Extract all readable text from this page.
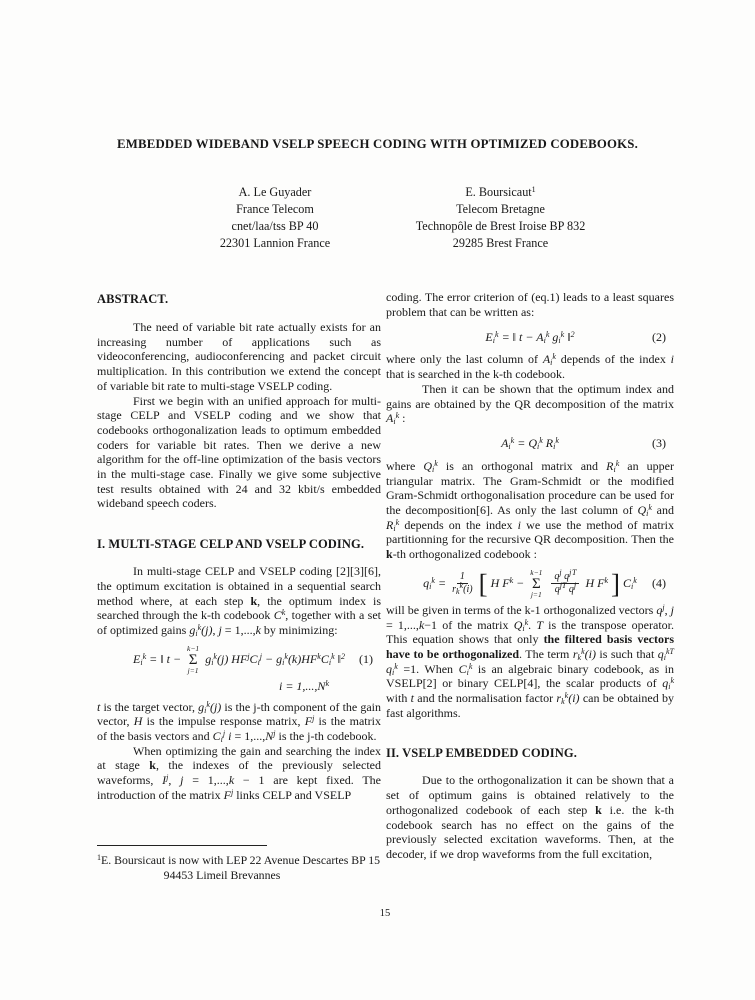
EMBEDDED WIDEBAND VSELP SPEECH CODING WITH OPTIMIZED CODEBOOKS.
A. Le Guyader
France Telecom
cnet/laa/tss BP 40
22301 Lannion France
E. Boursicaut$^1$
Telecom Bretagne
Technopôle de Brest Iroise BP 832
29285 Brest France
ABSTRACT.

The need of variable bit rate actually exists for an increasing number of applications such as videoconferencing, audioconferencing and packet circuit multiplication. In this contribution we extend the concept of variable bit rate to multi-stage VSELP coding.

First we begin with an unified approach for multi-stage CELP and VSELP coding and we show that codebooks orthogonalization leads to optimum embedded coders for variable bit rates. Then we derive a new algorithm for the off-line optimization of the basis vectors in the multi-stage case. Finally we give some subjective test results obtained with 24 and 32 kbit/s embedded wideband speech coders.

I. MULTI-STAGE CELP AND VSELP CODING.

In multi-stage CELP and VSELP coding [2][3][6], the optimum excitation is obtained in a sequential search method where, at each step k, the optimum index is searched through the k-th codebook $C^k$, together with a set of optimized gains $g_i^k(j)$, j = 1,...,k by minimizing:

$E_i^k$ = ‖ t −
k−1
Σ
j=1
$g_i^k(j) HF^jC_i^j - g_i^k(k)HF^kC_i^k$ ‖$^2$ (1)
$i = 1,...,N^k$

t is the target vector, $g_i^k(j)$ is the j-th component of the gain vector, H is the impulse response matrix, $F^j$ is the matrix of the basis vectors and $C_i^j$ $i = 1,...,N^j$ is the j-th codebook.

When optimizing the gain and searching the index at stage k, the indexes of the previously selected waveforms, $I^j$, j = 1,...,k − 1 are kept fixed. The introduction of the matrix $F^j$ links CELP and VSELP

coding. The error criterion of (eq.1) leads to a least squares problem that can be written as:

$E_i^k$ = ‖ $t - A_i^k$ $g_i^k$ ‖$^2$	(2)

where only the last column of $A_i^k$ depends of the index i that is searched in the k-th codebook.

Then it can be shown that the optimum index and gains are obtained by the QR decomposition of the matrix $A_i^k$ :

$A_i^k = Q_i^k$ $R_i^k$	(3)

where $Q_i^k$ is an orthogonal matrix and $R_i^k$ an upper triangular matrix. The Gram-Schmidt or the modified Gram-Schmidt orthogonalisation procedure can be used for the decomposition[6]. As only the last column of $Q_i^k$ and $R_i^k$ depends on the index i we use the method of matrix partitionning for the recursive QR decomposition. Then the k-th orthogonalized codebook :

$q_i^k = \frac{1}{r_k^k(i)}$ [ H $F^k$ −
k−1
Σ
j=1
$\frac{q^j q^{j T}}{q^{jT} q^j}$ H $F^k$ ] $C_i^k$ (4)

will be given in terms of the k-1 orthogonalized vectors $q^j$, j = 1,...,k−1 of the matrix $Q_i^k$. T is the transpose operator. This equation shows that only the filtered basis vectors have to be orthogonalized. The term $r_k^k(i)$ is such that $q_i^{kT}$ $q_i^k =1$. When $C_i^k$ is an algebraic binary codebook, as in VSELP[2] or binary CELP[4], the scalar products of $q_i^k$ with t and the normalisation factor $r_k^k(i)$ can be obtained by fast algorithms.

II. VSELP EMBEDDED CODING.

Due to the orthogonalization it can be shown that a set of optimum gains is obtained relatively to the orthogonalized codebook of each step k i.e. the k-th codebook search has no effect on the gains of the previously selected excitation waveforms. Then, at the decoder, if we drop waveforms from the full excitation,

$^1$E. Boursicaut is now with LEP 22 Avenue Descartes BP 15
94453 Limeil Brevannes
15
